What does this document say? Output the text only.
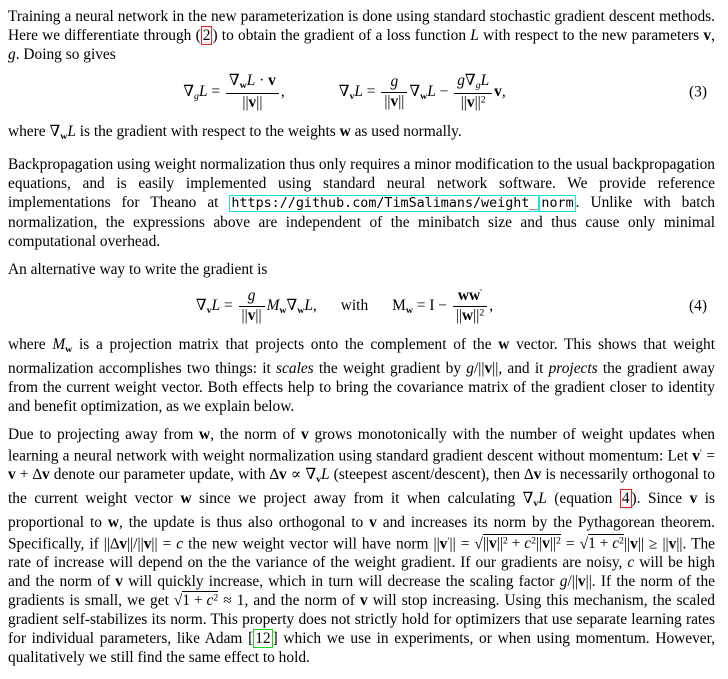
Training a neural network in the new parameterization is done using standard stochastic gradient descent methods. Here we differentiate through ( 2 ) to obtain the gradient of a loss function L with respect to the new parameters v, g. Doing so gives
$\nabla gL = \frac{\nabla wL \cdot v}{||v||}$ ,	$\nabla vL = \frac{g}{||v||} \nabla wL - \frac{g\nabla gL}{||v||^2} v$,	(3)
where ∇wL is the gradient with respect to the weights w as used normally.
Backpropagation using weight normalization thus only requires a minor modification to the usual backpropagation equations, and is easily implemented using standard neural network software. We provide reference implementations for Theano at https://github.com/TimSalimans/weight_ norm . Unlike with batch normalization, the expressions above are independent of the minibatch size and thus cause only minimal computational overhead.
An alternative way to write the gradient is
$\nabla vL = \frac{g}{||v||} Mw\nabla wL$, with $Mw = I - \frac{ww'}{||w||^2}$ ,	(4)
where Mw is a projection matrix that projects onto the complement of the w vector. This shows that weight normalization accomplishes two things: it scales the weight gradient by g/||v||, and it projects the gradient away from the current weight vector. Both effects help to bring the covariance matrix of the gradient closer to identity and benefit optimization, as we explain below.
Due to projecting away from w, the norm of v grows monotonically with the number of weight updates when learning a neural network with weight normalization using standard gradient descent without momentum: Let v′ = v + ∆v denote our parameter update, with ∆v ∝ ∇vL (steepest ascent/descent), then ∆v is necessarily orthogonal to the current weight vector w since we project away from it when calculating ∇vL (equation 4 ). Since v is proportional to w, the update is thus also orthogonal to v and increases its norm by the Pythagorean theorem. Specifically, if ||∆v||/||v|| = c the new weight vector will have norm $||v'|| = √||v||^2 + c^2||v||^2 = √1 + c^2||v|| \ge ||v||$. The rate of increase will depend on the the variance of the weight gradient. If our gradients are noisy, c will be high and the norm of v will quickly increase, which in turn will decrease the scaling factor g/||v||. If the norm of the gradients is small, we get $√1 + c^2 \approx 1$, and the norm of v will stop increasing. Using this mechanism, the scaled gradient self-stabilizes its norm. This property does not strictly hold for optimizers that use separate learning rates for individual parameters, like Adam [ 12 ] which we use in experiments, or when using momentum. However, qualitatively we still find the same effect to hold.
